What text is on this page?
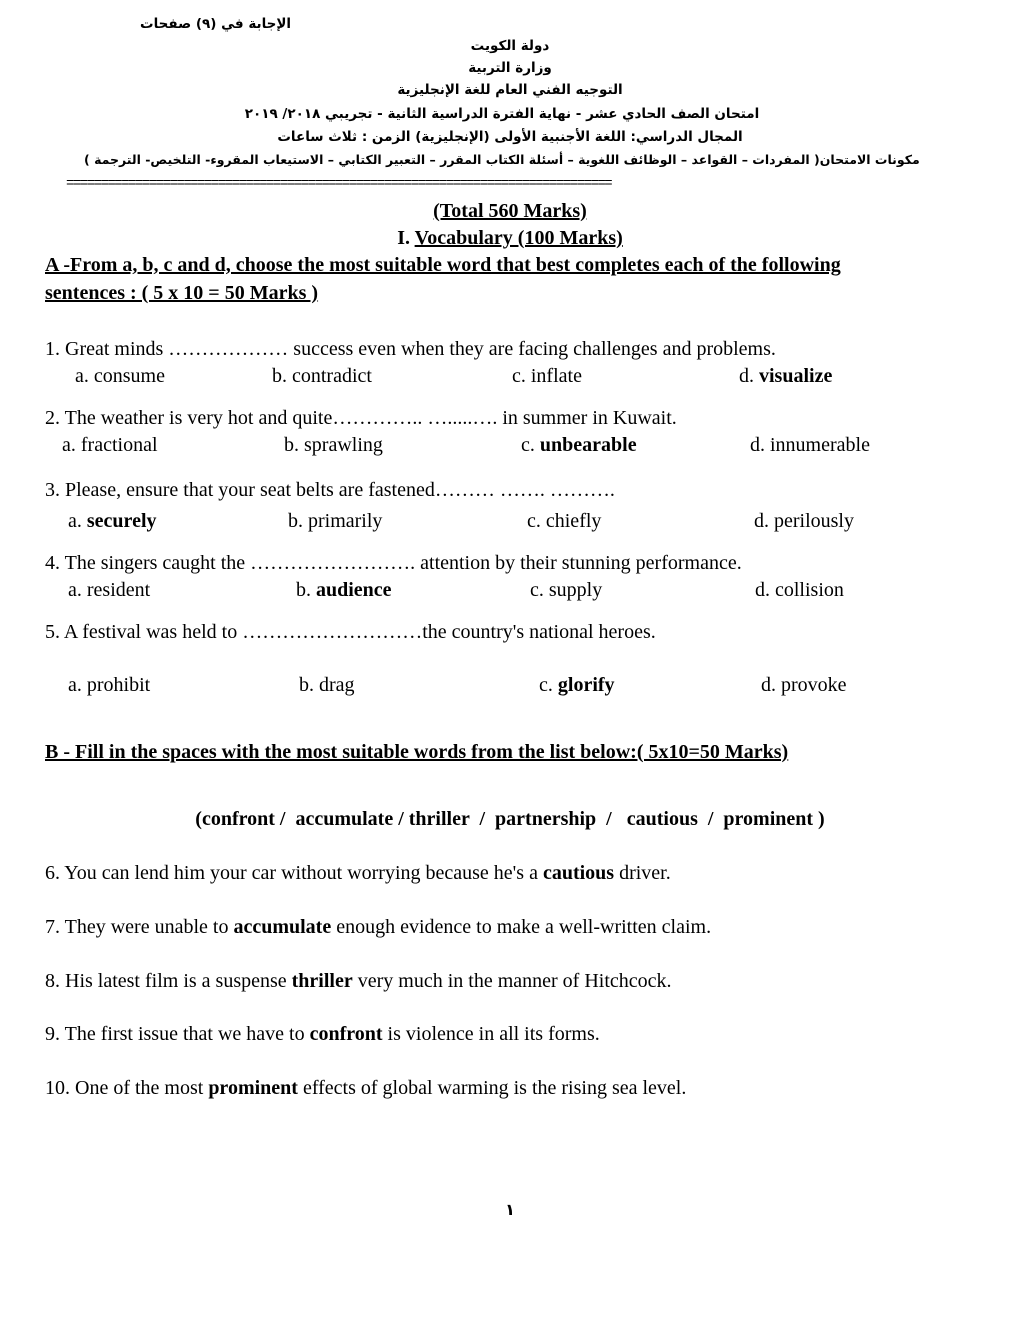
الإجابة في (٩) صفحات
دولة الكويت
وزارة التربية
التوجيه الفني العام للغة الإنجليزية
امتحان الصف الحادي عشر - نهاية الفترة الدراسية الثانية - تجريبي ٢٠١٨/ ٢٠١٩
المجال الدراسي: اللغة الأجنبية الأولى (الإنجليزية) الزمن : ثلاث ساعات
مكونات الامتحان( المفردات – القواعد – الوظائف اللغوية – أسئلة الكتاب المقرر – التعبير الكتابي – الاستيعاب المقروء- التلخيص- الترجمة )
===============================================================================
(Total 560 Marks)
I. Vocabulary (100 Marks)
A -From a, b, c and d, choose the most suitable word that best completes each of the following
sentences : ( 5 x 10 = 50 Marks )
1. Great minds ……………… success even when they are facing challenges and problems.
a. consume	b. contradict	c. inflate	d. visualize
2. The weather is very hot and quite………….. ….....…. in summer in Kuwait.
a. fractional	b. sprawling	c. unbearable	d. innumerable
3. Please, ensure that your seat belts are fastened……… ……. ……….
a. securely	b. primarily	c. chiefly	d. perilously
4. The singers caught the ……………………. attention by their stunning performance.
a. resident	b. audience	c. supply	d. collision
5. A festival was held to ………………………the country's national heroes.
a. prohibit	b. drag	c. glorify	d. provoke
B - Fill in the spaces with the most suitable words from the list below:( 5x10=50 Marks)
(confront /  accumulate / thriller  /  partnership  /   cautious  /  prominent )
6. You can lend him your car without worrying because he's a cautious driver.
7. They were unable to accumulate enough evidence to make a well-written claim.
8. His latest film is a suspense thriller very much in the manner of Hitchcock.
9. The first issue that we have to confront is violence in all its forms.
10. One of the most prominent effects of global warming is the rising sea level.
١
